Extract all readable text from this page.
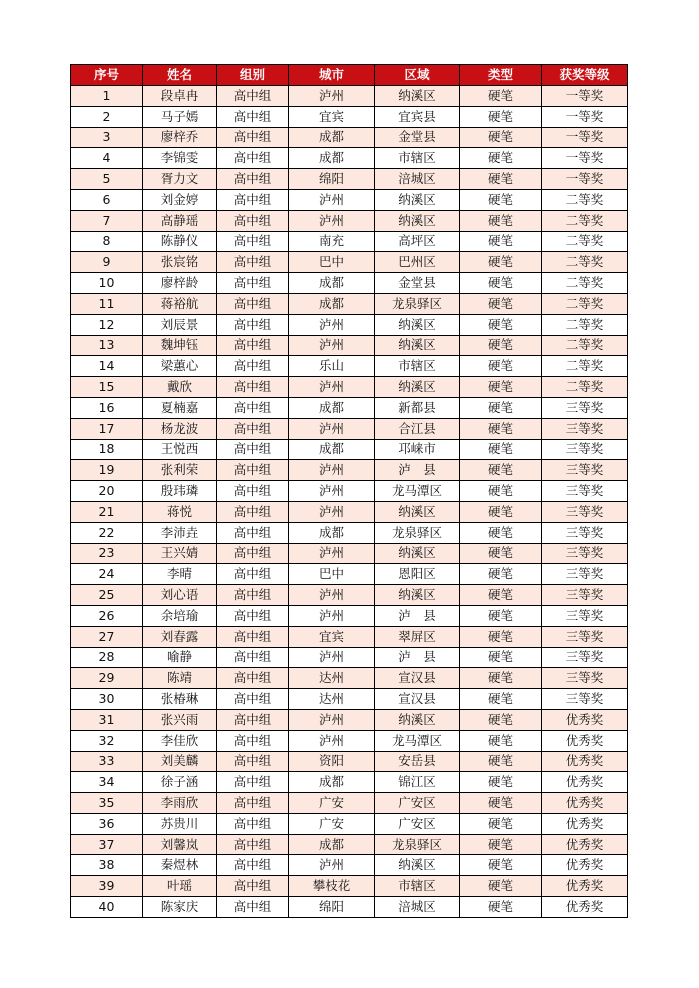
序号	姓名	组别	城市	区域	类型	获奖等级
1	段卓冉	高中组	泸州	纳溪区	硬笔	一等奖
2	马子嫣	高中组	宜宾	宜宾县	硬笔	一等奖
3	廖梓乔	高中组	成都	金堂县	硬笔	一等奖
4	李锦雯	高中组	成都	市辖区	硬笔	一等奖
5	胥力文	高中组	绵阳	涪城区	硬笔	一等奖
6	刘金婷	高中组	泸州	纳溪区	硬笔	二等奖
7	高静瑶	高中组	泸州	纳溪区	硬笔	二等奖
8	陈静仪	高中组	南充	高坪区	硬笔	二等奖
9	张宸铭	高中组	巴中	巴州区	硬笔	二等奖
10	廖梓龄	高中组	成都	金堂县	硬笔	二等奖
11	蒋裕航	高中组	成都	龙泉驿区	硬笔	二等奖
12	刘辰景	高中组	泸州	纳溪区	硬笔	二等奖
13	魏坤钰	高中组	泸州	纳溪区	硬笔	二等奖
14	梁蕙心	高中组	乐山	市辖区	硬笔	二等奖
15	戴欣	高中组	泸州	纳溪区	硬笔	二等奖
16	夏楠嘉	高中组	成都	新都县	硬笔	三等奖
17	杨龙波	高中组	泸州	合江县	硬笔	三等奖
18	王悦西	高中组	成都	邛崃市	硬笔	三等奖
19	张利荣	高中组	泸州	泸　县	硬笔	三等奖
20	殷玮璘	高中组	泸州	龙马潭区	硬笔	三等奖
21	蒋悦	高中组	泸州	纳溪区	硬笔	三等奖
22	李沛垚	高中组	成都	龙泉驿区	硬笔	三等奖
23	王兴婧	高中组	泸州	纳溪区	硬笔	三等奖
24	李晴	高中组	巴中	恩阳区	硬笔	三等奖
25	刘心语	高中组	泸州	纳溪区	硬笔	三等奖
26	余培瑜	高中组	泸州	泸　县	硬笔	三等奖
27	刘春露	高中组	宜宾	翠屏区	硬笔	三等奖
28	喻静	高中组	泸州	泸　县	硬笔	三等奖
29	陈靖	高中组	达州	宣汉县	硬笔	三等奖
30	张椿琳	高中组	达州	宣汉县	硬笔	三等奖
31	张兴雨	高中组	泸州	纳溪区	硬笔	优秀奖
32	李佳欣	高中组	泸州	龙马潭区	硬笔	优秀奖
33	刘美麟	高中组	资阳	安岳县	硬笔	优秀奖
34	徐子涵	高中组	成都	锦江区	硬笔	优秀奖
35	李雨欣	高中组	广安	广安区	硬笔	优秀奖
36	苏贵川	高中组	广安	广安区	硬笔	优秀奖
37	刘馨岚	高中组	成都	龙泉驿区	硬笔	优秀奖
38	秦煜林	高中组	泸州	纳溪区	硬笔	优秀奖
39	叶瑶	高中组	攀枝花	市辖区	硬笔	优秀奖
40	陈家庆	高中组	绵阳	涪城区	硬笔	优秀奖
